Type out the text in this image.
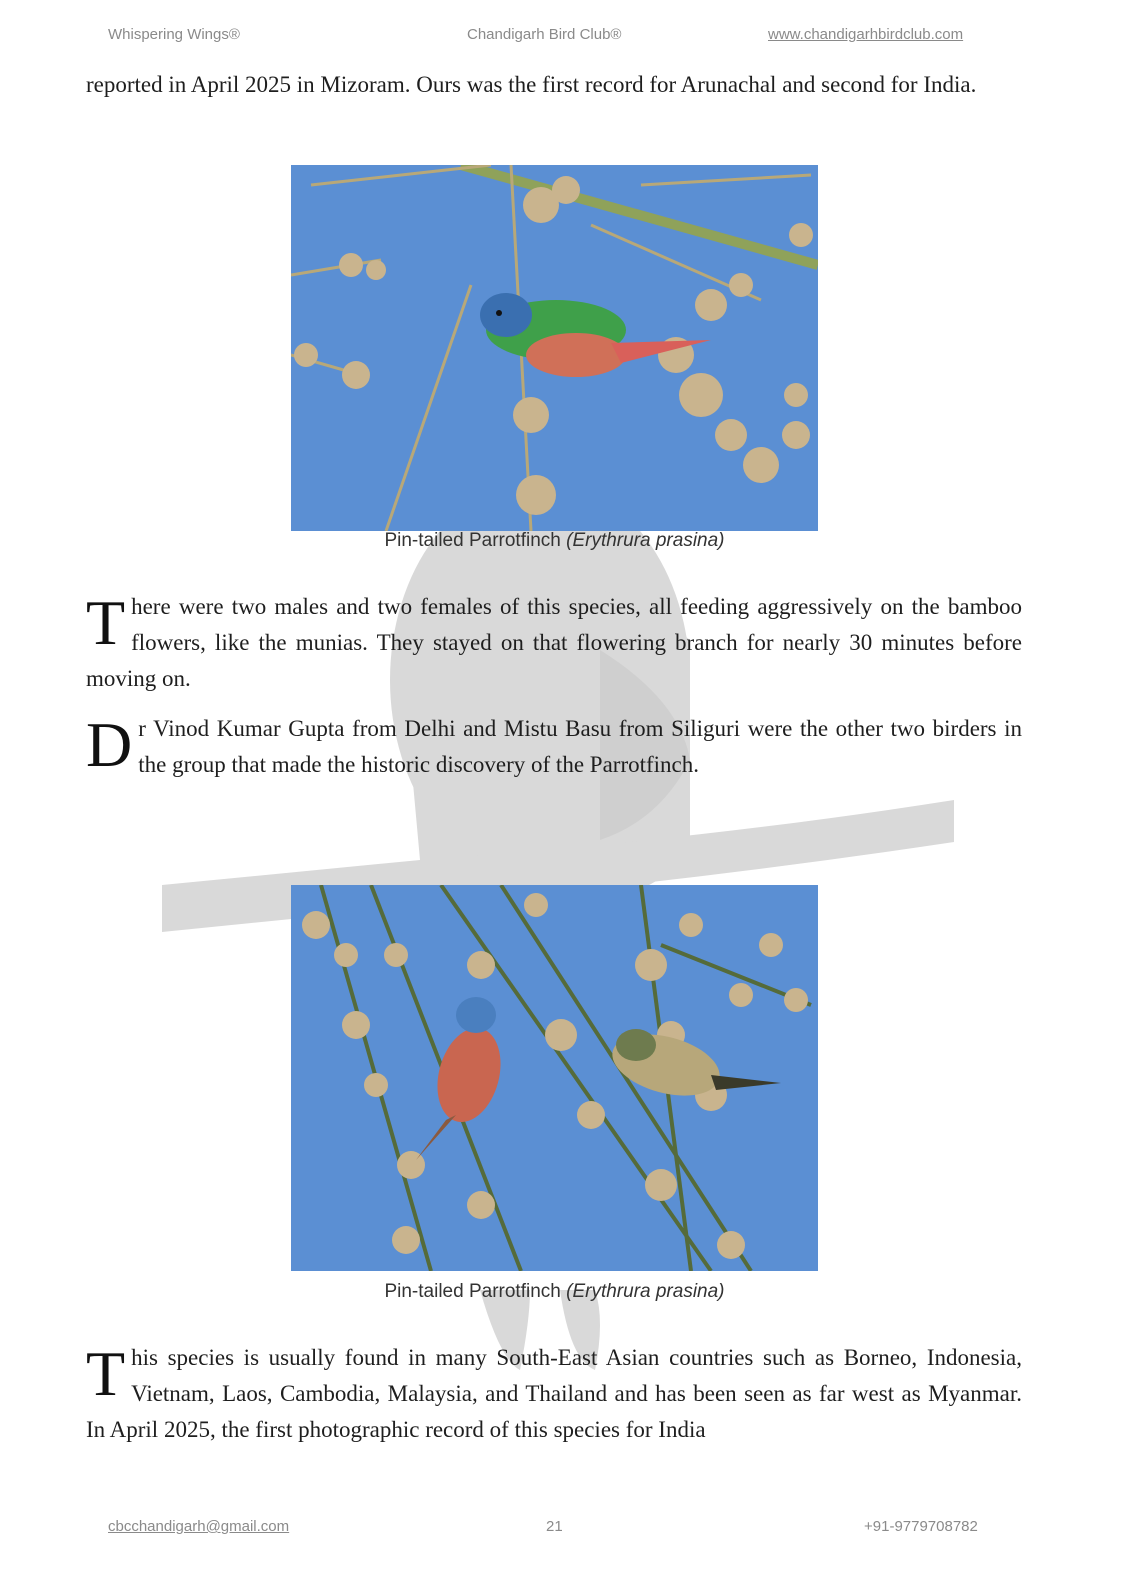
Whispering Wings®	Chandigarh Bird Club®	www.chandigarhbirdclub.com

reported in April 2025 in Mizoram. Ours was the first record for Arunachal and second for India.

Pin-tailed Parrotfinch (Erythrura prasina)

There were two males and two females of this species, all feeding aggressively on the bamboo flowers, like the munias. They stayed on that flowering branch for nearly 30 minutes before moving on.

Dr Vinod Kumar Gupta from Delhi and Mistu Basu from Siliguri were the other two birders in the group that made the historic discovery of the Parrotfinch.

Pin-tailed Parrotfinch (Erythrura prasina)

This species is usually found in many South-East Asian countries such as Borneo, Indonesia, Vietnam, Laos, Cambodia, Malaysia, and Thailand and has been seen as far west as Myanmar. In April 2025, the first photographic record of this species for India

cbcchandigarh@gmail.com	21	+91-9779708782
